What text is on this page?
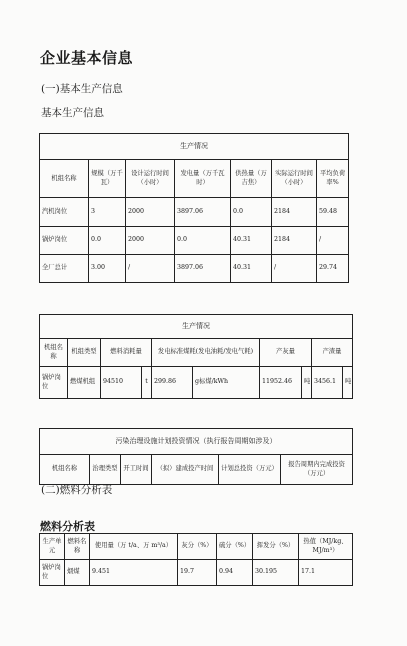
企业基本信息
(一)基本生产信息
基本生产信息
生产情况						
机组名称	规模（万千瓦）	设计运行时间（小时）	发电量（万千瓦时）	供热量（万吉焦）	实际运行时间（小时）	平均负荷率%
汽机岗位	3	2000	3897.06	0.0	2184	59.48
锅炉岗位	0.0	2000	0.0	40.31	2184	/
全厂总计	3.00	/	3897.06	40.31	/	29.74
生产情况									
机组名称	机组类型	燃料消耗量		发电标准煤耗(发电油耗/发电气耗)		产灰量		产渣量	
锅炉岗位	燃煤机组	94510	t	299.86	g标煤/kWh	11952.46	吨	3456.1	吨
污染治理设施计划投资情况（执行报告周期如涉及）
机组名称	治理类型	开工时间	（拟）建成投产时间	计划总投资（万元）	报告周期内完成投资（万元）
(二)燃料分析表
燃料分析表
生产单元	燃料名称	使用量（万 t/a、万 m³/a）	灰分（%）	硫分（%）	挥发分（%）	热值（MJ/kg、MJ/m³）
锅炉岗位	烟煤	9.451	19.7	0.94	30.195	17.1
